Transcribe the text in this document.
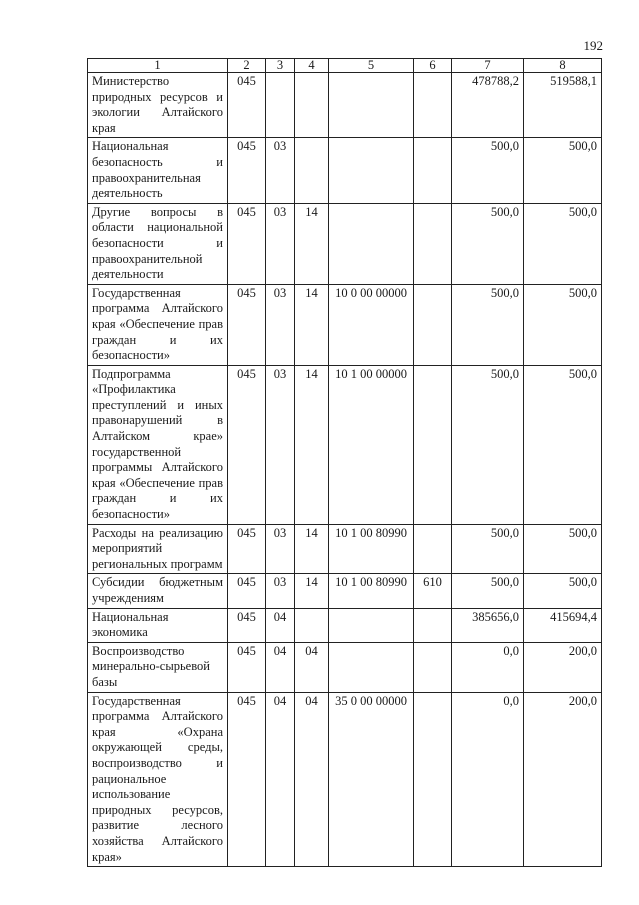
192
1	2	3	4	5	6	7	8
Министерство природных ресурсов и экологии Алтайского края	045					478788,2	519588,1
Национальная безопасность и правоохранительная деятельность	045	03				500,0	500,0
Другие вопросы в области национальной безопасности и правоохранительной деятельности	045	03	14			500,0	500,0
Государственная программа Алтайского края «Обеспечение прав граждан и их безопасности»	045	03	14	10 0 00 00000		500,0	500,0
Подпрограмма «Профилактика преступлений и иных правонарушений в Алтайском крае» государственной программы Алтайского края «Обеспечение прав граждан и их безопасности»	045	03	14	10 1 00 00000		500,0	500,0
Расходы на реализацию мероприятий региональных программ	045	03	14	10 1 00 80990		500,0	500,0
Субсидии бюджетным учреждениям	045	03	14	10 1 00 80990	610	500,0	500,0
Национальная экономика	045	04				385656,0	415694,4
Воспроизводство минерально-сырьевой базы	045	04	04			0,0	200,0
Государственная программа Алтайского края «Охрана окружающей среды, воспроизводство и рациональное использование природных ресурсов, развитие лесного хозяйства Алтайского края»	045	04	04	35 0 00 00000		0,0	200,0
